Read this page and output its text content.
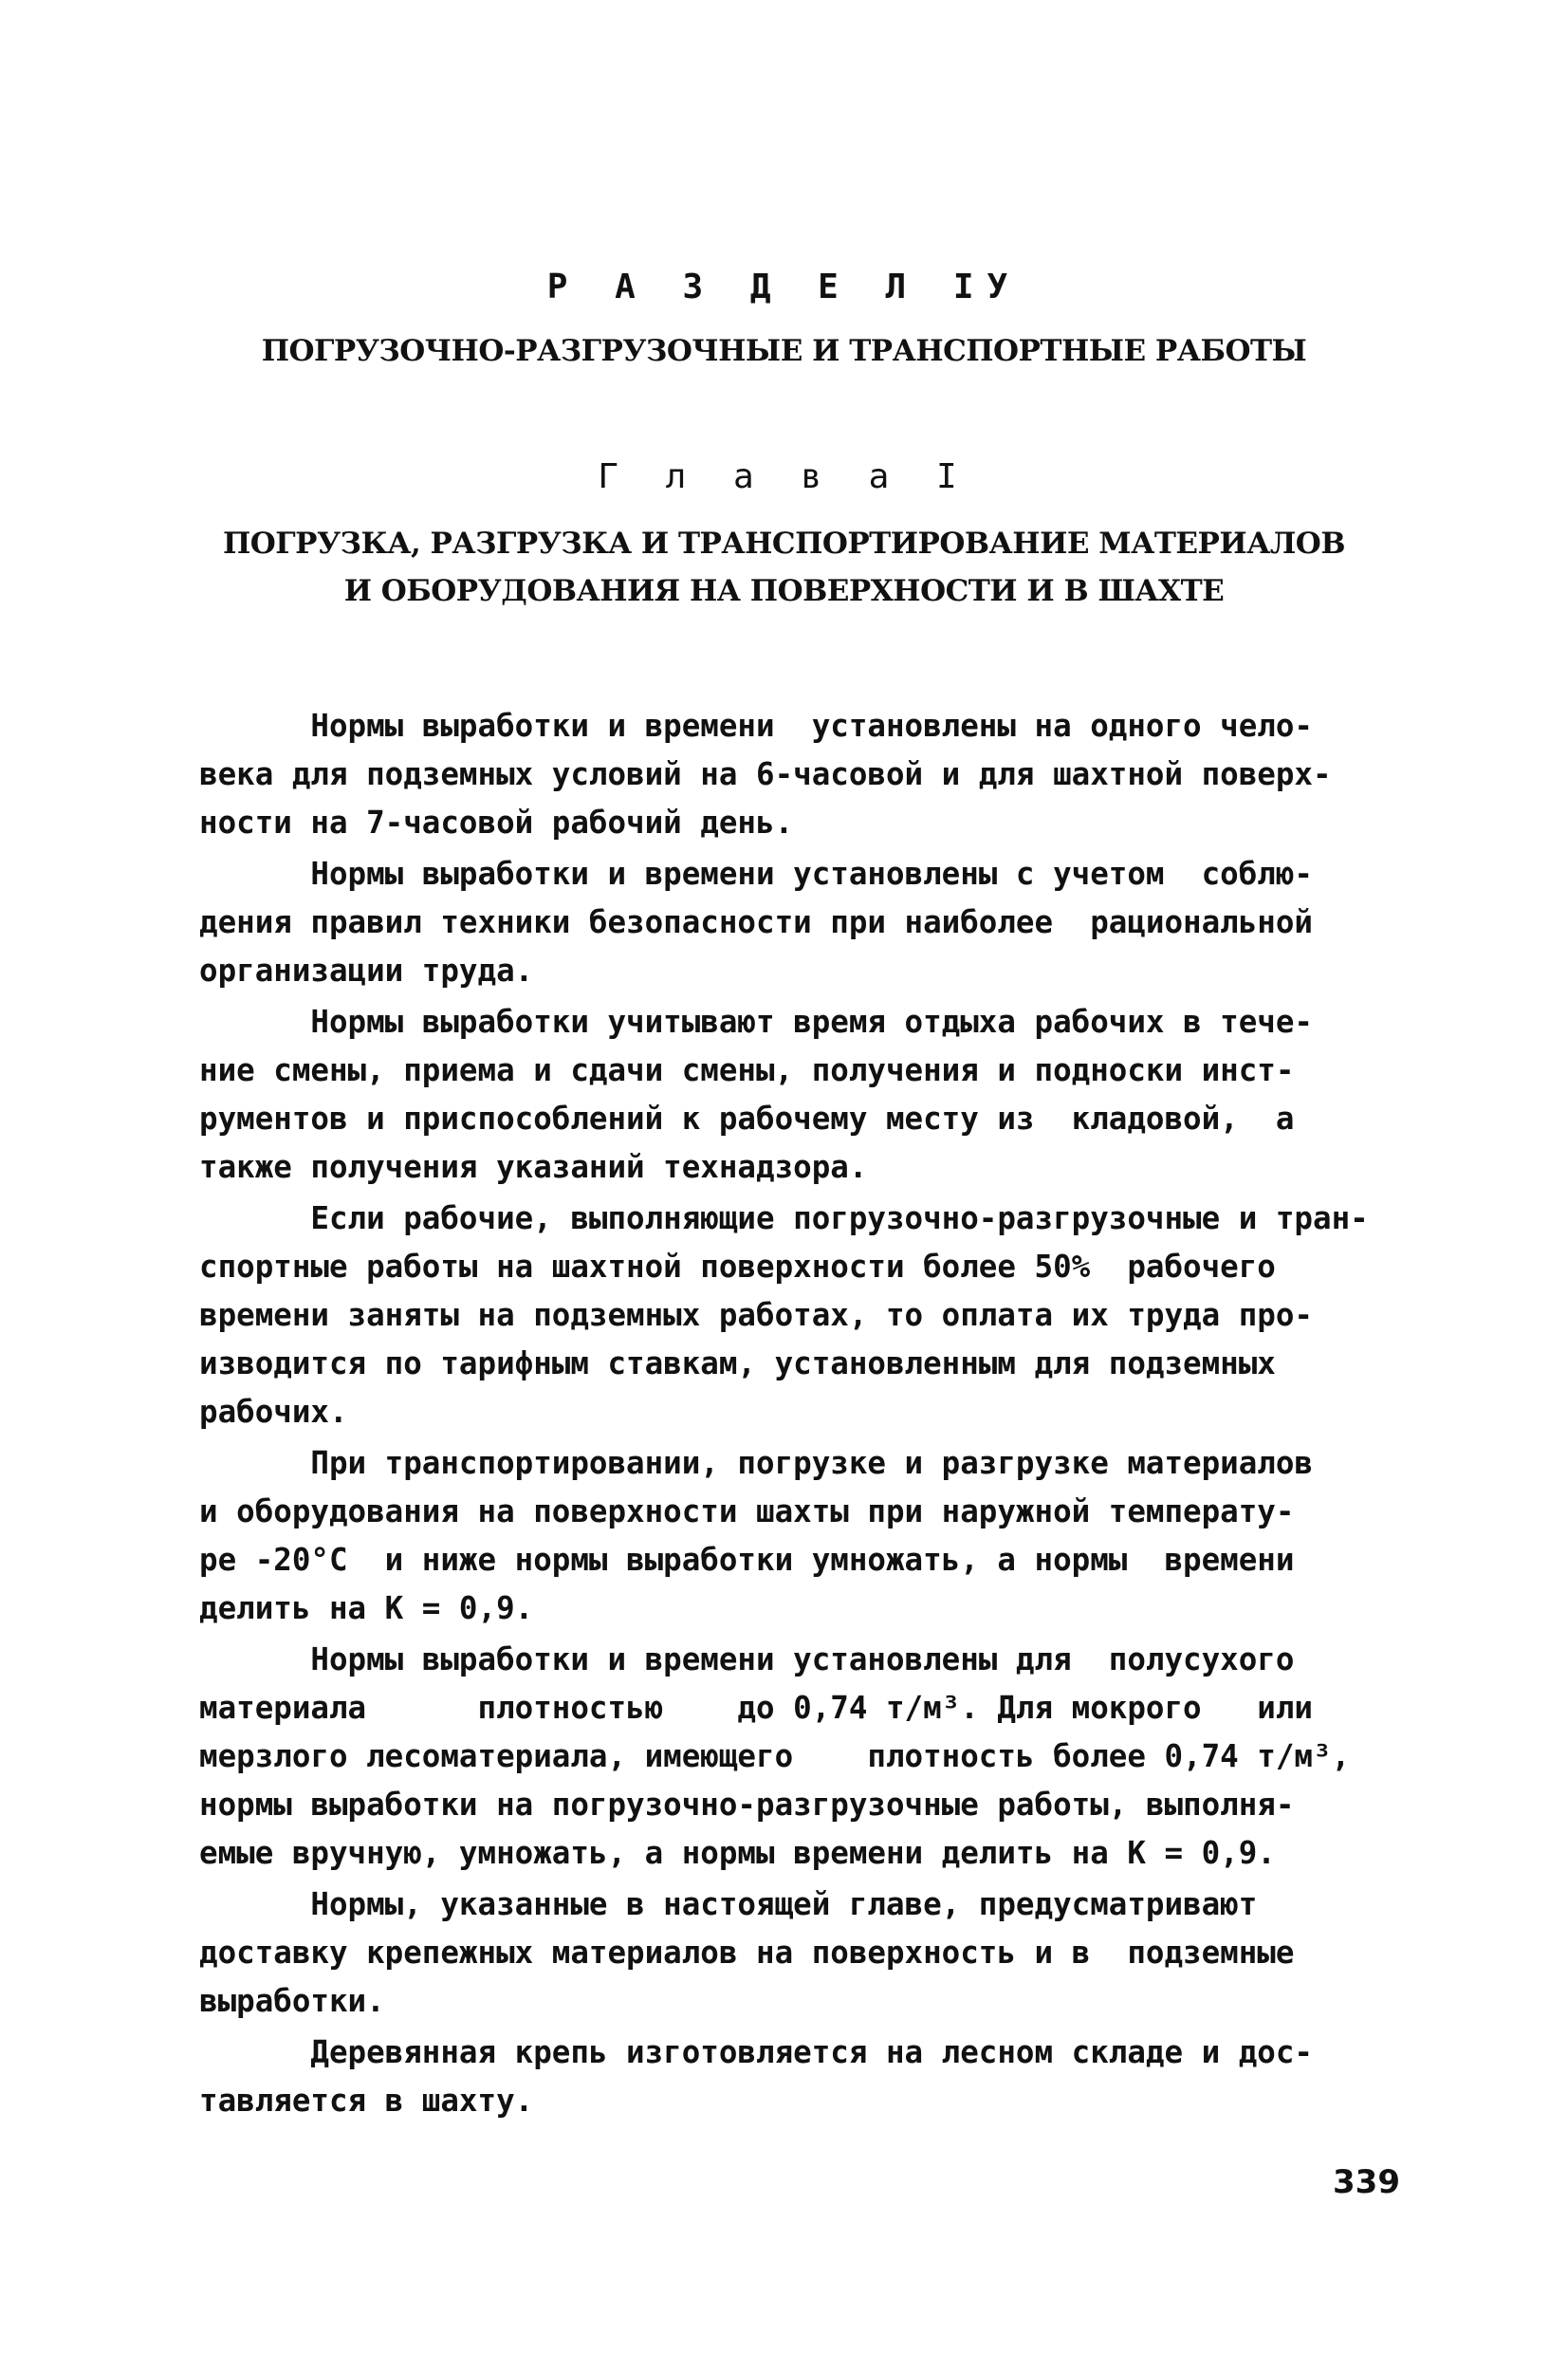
Р А З Д Е Л IУ
ПОГРУЗОЧНО-РАЗГРУЗОЧНЫЕ И ТРАНСПОРТНЫЕ РАБОТЫ
Г л а в а I
ПОГРУЗКА, РАЗГРУЗКА И ТРАНСПОРТИРОВАНИЕ МАТЕРИАЛОВ
И ОБОРУДОВАНИЯ НА ПОВЕРХНОСТИ И В ШАХТЕ
Нормы выработки и времени  установлены на одного чело-
века для подземных условий на 6-часовой и для шахтной поверх-
ности на 7-часовой рабочий день.
Нормы выработки и времени установлены с учетом  соблю-
дения правил техники безопасности при наиболее  рациональной
организации труда.
Нормы выработки учитывают время отдыха рабочих в тече-
ние смены, приема и сдачи смены, получения и подноски инст-
рументов и приспособлений к рабочему месту из  кладовой,  а
также получения указаний технадзора.
Если рабочие, выполняющие погрузочно-разгрузочные и тран-
спортные работы на шахтной поверхности более 50%  рабочего
времени заняты на подземных работах, то оплата их труда про-
изводится по тарифным ставкам, установленным для подземных
рабочих.
При транспортировании, погрузке и разгрузке материалов
и оборудования на поверхности шахты при наружной температу-
ре -20°С  и ниже нормы выработки умножать, а нормы  времени
делить на К = 0,9.
Нормы выработки и времени установлены для  полусухого
материала      плотностью    до 0,74 т/м³. Для мокрого   или
мерзлого лесоматериала, имеющего    плотность более 0,74 т/м³,
нормы выработки на погрузочно-разгрузочные работы, выполня-
емые вручную, умножать, а нормы времени делить на К = 0,9.
Нормы, указанные в настоящей главе, предусматривают
доставку крепежных материалов на поверхность и в  подземные
выработки.
Деревянная крепь изготовляется на лесном складе и дос-
тавляется в шахту.
339
